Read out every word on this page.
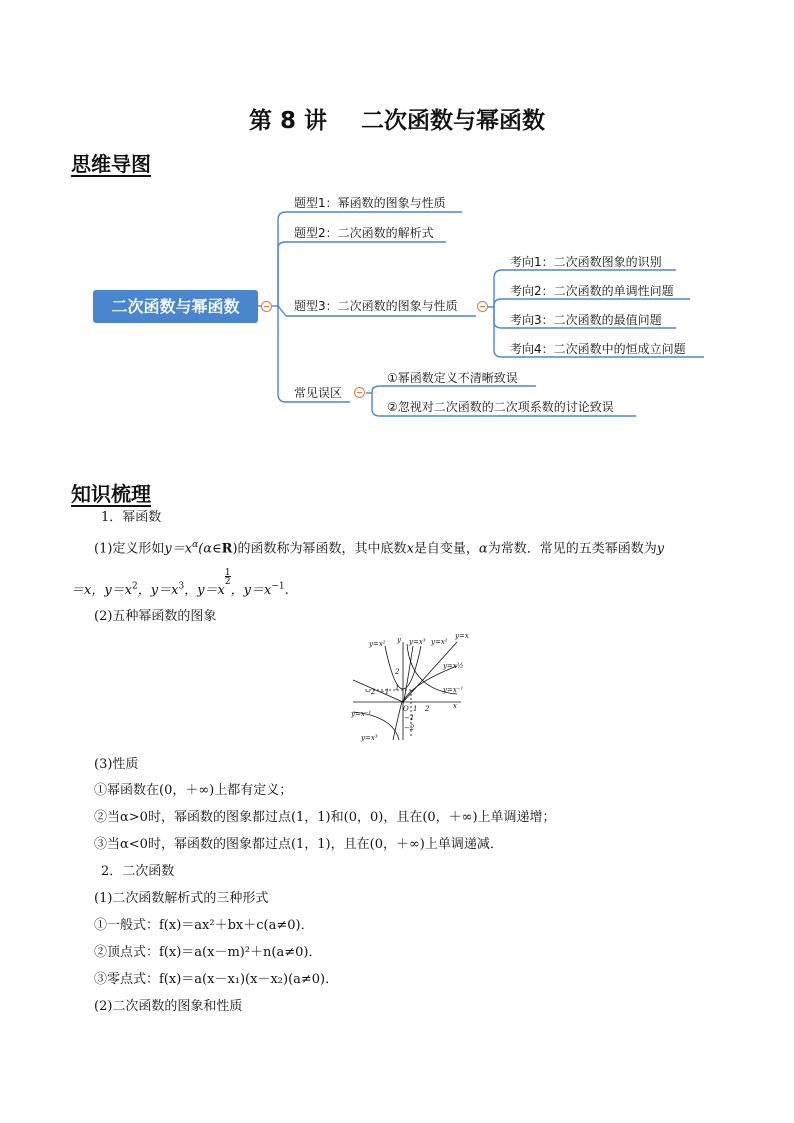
第 8 讲 二次函数与幂函数
思维导图
二次函数与幂函数
题型1：幂函数的图象与性质
题型2：二次函数的解析式
题型3：二次函数的图象与性质
常见误区
考向1：二次函数图象的识别
考向2：二次函数的单调性问题
考向3：二次函数的最值问题
考向4：二次函数中的恒成立问题
①幂函数定义不清晰致误
②忽视对二次函数的二次项系数的讨论致误
知识梳理
1．幂函数
(1)定义形如$y=x^\alpha(\alpha\in R)$的函数称为幂函数，其中底数x是自变量，α为常数．常见的五类幂函数为y
＝x，$y=x^2$，$y=x^3$，$y=x^{\frac{1}{2}}$，$y=x^{-1}$.
(2)五种幂函数的图象
y=x² y y=x³ y=x²
y=x
2
y=x½
1
−2 −1	y=x⁻¹
y=x⁻¹
O 1 2	x
−1
−2
y=x³
(3)性质
①幂函数在(0，＋∞)上都有定义；
②当α>0时，幂函数的图象都过点(1，1)和(0，0)，且在(0，＋∞)上单调递增；
③当α<0时，幂函数的图象都过点(1，1)，且在(0，＋∞)上单调递减．
2．二次函数
(1)二次函数解析式的三种形式
①一般式：f(x)＝ax²＋bx＋c(a≠0)．
②顶点式：f(x)＝a(x－m)²＋n(a≠0)．
③零点式：f(x)＝a(x－x₁)(x－x₂)(a≠0)．
(2)二次函数的图象和性质
